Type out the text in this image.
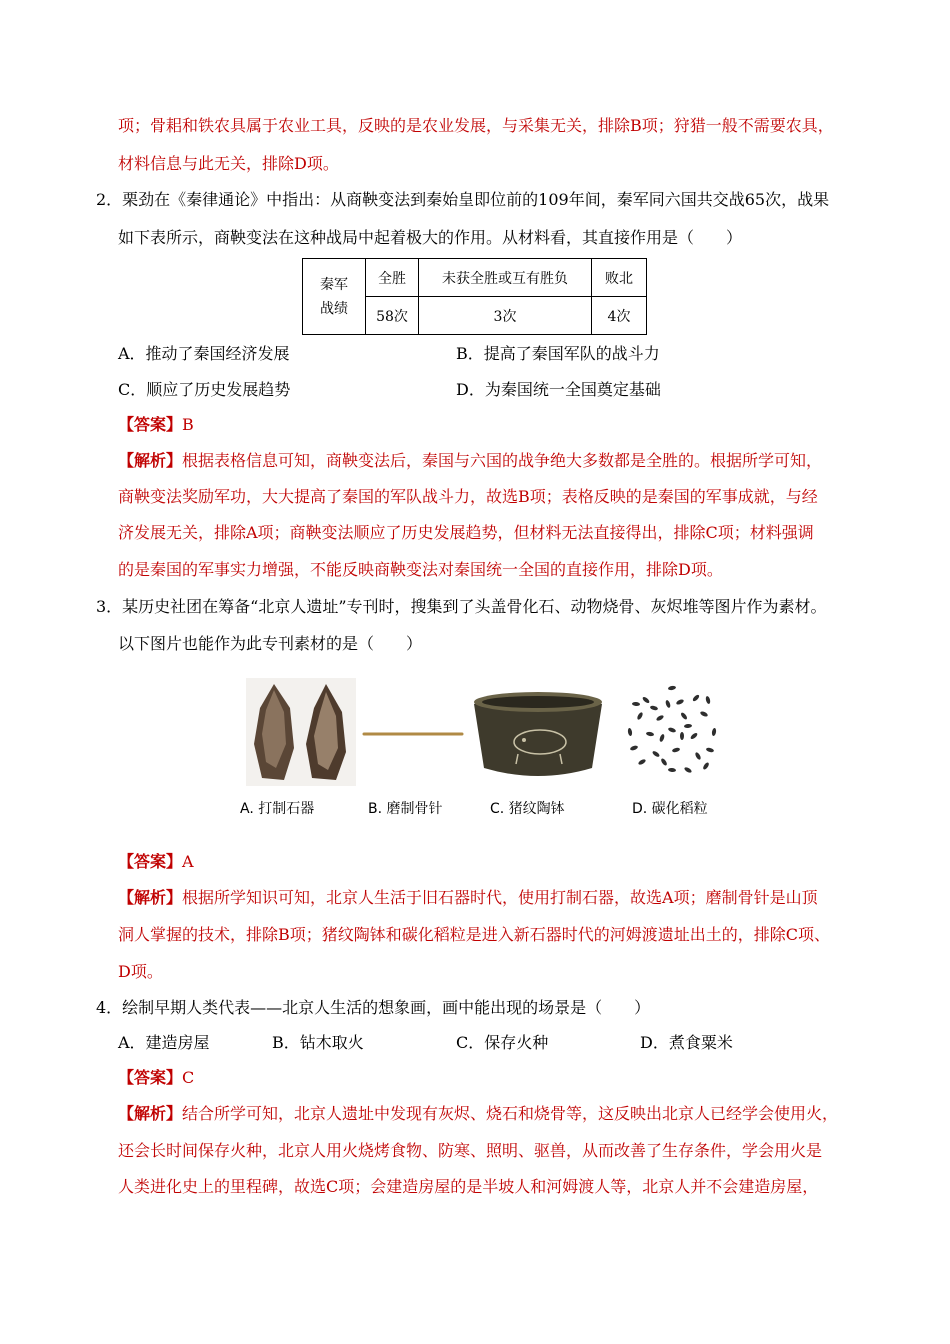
项；骨耜和铁农具属于农业工具，反映的是农业发展，与采集无关，排除B项；狩猎一般不需要农具，
材料信息与此无关，排除D项。
2．栗劲在《秦律通论》中指出：从商鞅变法到秦始皇即位前的109年间，秦军同六国共交战65次，战果
如下表所示，商鞅变法在这种战局中起着极大的作用。从材料看，其直接作用是（　　）
秦军战绩	全胜	未获全胜或互有胜负	败北
	58次	3次	4次
A．推动了秦国经济发展	B．提高了秦国军队的战斗力
C．顺应了历史发展趋势	D．为秦国统一全国奠定基础
【答案】B
【解析】根据表格信息可知，商鞅变法后，秦国与六国的战争绝大多数都是全胜的。根据所学可知，
商鞅变法奖励军功，大大提高了秦国的军队战斗力，故选B项；表格反映的是秦国的军事成就，与经
济发展无关，排除A项；商鞅变法顺应了历史发展趋势，但材料无法直接得出，排除C项；材料强调
的是秦国的军事实力增强，不能反映商鞅变法对秦国统一全国的直接作用，排除D项。
3．某历史社团在筹备“北京人遗址”专刊时，搜集到了头盖骨化石、动物烧骨、灰烬堆等图片作为素材。
以下图片也能作为此专刊素材的是（　　）
A. 打制石器	B. 磨制骨针	C. 猪纹陶钵	D. 碳化稻粒
【答案】A
【解析】根据所学知识可知，北京人生活于旧石器时代，使用打制石器，故选A项；磨制骨针是山顶
洞人掌握的技术，排除B项；猪纹陶钵和碳化稻粒是进入新石器时代的河姆渡遗址出土的，排除C项、
D项。
4．绘制早期人类代表——北京人生活的想象画，画中能出现的场景是（　　）
A．建造房屋	B．钻木取火	C．保存火种	D．煮食粟米
【答案】C
【解析】结合所学可知，北京人遗址中发现有灰烬、烧石和烧骨等，这反映出北京人已经学会使用火，
还会长时间保存火种，北京人用火烧烤食物、防寒、照明、驱兽，从而改善了生存条件，学会用火是
人类进化史上的里程碑，故选C项；会建造房屋的是半坡人和河姆渡人等，北京人并不会建造房屋，
